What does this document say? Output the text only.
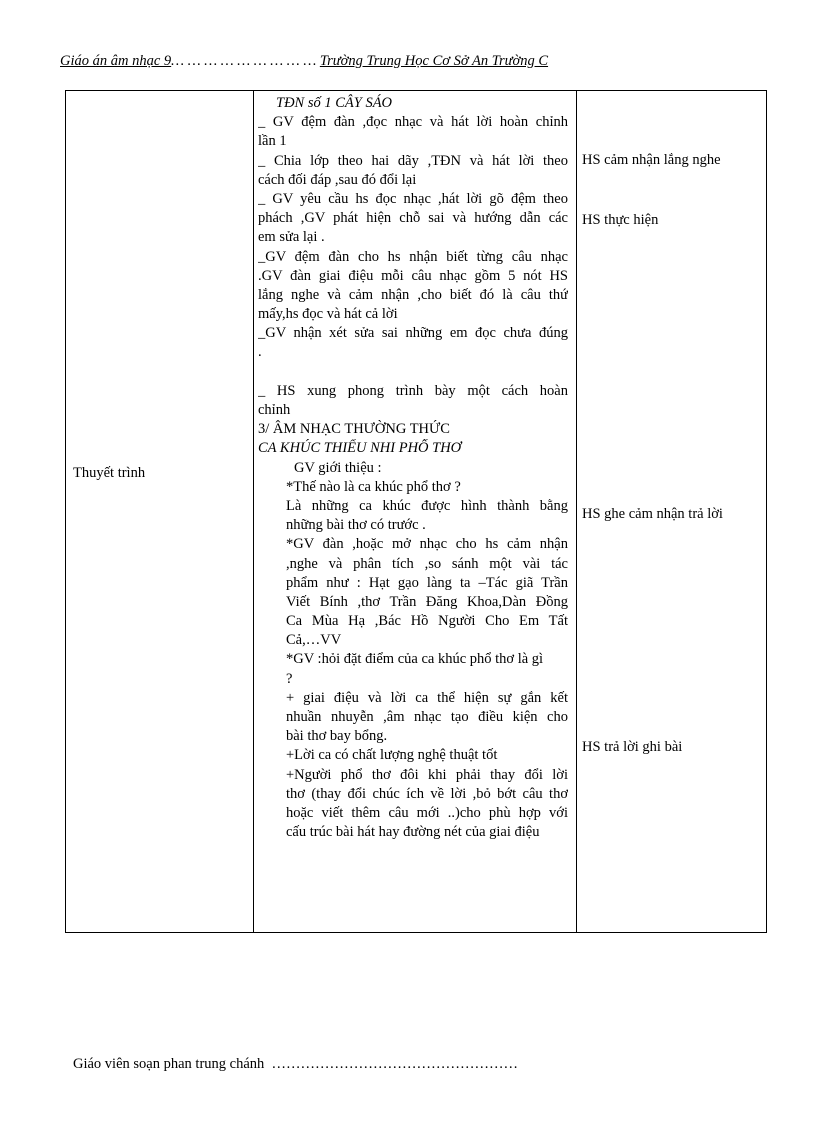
Giáo án âm nhạc 9… … … … … … … … … Trường Trung Học Cơ Sở An Trường C
Thuyết trình
TĐN số 1 CÂY SÁO
_ GV đệm đàn ,đọc nhạc và hát lời hoàn chỉnh
lần 1
_ Chia lớp theo hai dãy ,TĐN và hát lời theo
cách đối đáp ,sau đó đổi lại
_ GV yêu cầu hs đọc nhạc ,hát lời gõ đệm theo
phách ,GV phát hiện chỗ sai và hướng dẫn các
em sửa lại .
_GV đệm đàn cho hs nhận biết từng câu nhạc
.GV đàn giai điệu mỗi câu nhạc gồm 5 nót HS
lắng nghe và cảm nhận ,cho biết đó là câu thứ
mấy,hs đọc và hát cả lời
_GV nhận xét sửa sai những em đọc chưa đúng
.
_ HS xung phong trình bày một cách hoàn
chỉnh
3/ ÂM NHẠC THƯỜNG THỨC
CA KHÚC THIẾU NHI PHỔ THƠ
GV giới thiệu :
*Thế nào là ca khúc phổ thơ ?
Là những ca khúc được hình thành bằng
những bài thơ có trước .
*GV đàn ,hoặc mở nhạc cho hs cảm nhận
,nghe và phân tích ,so sánh một vài tác
phẩm như : Hạt gạo làng ta –Tác giã Trần
Viết Bính ,thơ Trần Đăng Khoa,Dàn Đồng
Ca Mùa Hạ ,Bác Hồ Người Cho Em Tất
Cả,…VV
*GV :hỏi đặt điểm của ca khúc phổ thơ là gì
?
+ giai điệu và lời ca thể hiện sự gắn kết
nhuần nhuyễn ,âm nhạc tạo điều kiện cho
bài thơ bay bổng.
+Lời ca có chất lượng nghệ thuật tốt
+Người phổ thơ đôi khi phải thay đổi lời
thơ (thay đổi chúc ích về lời ,bỏ bớt câu thơ
hoặc viết thêm câu mới ..)cho phù hợp với
cấu trúc bài hát hay đường nét của giai điệu
HS cảm nhận lắng nghe
HS thực hiện
HS ghe cảm nhận trả lời
HS trả lời ghi bài
Giáo viên soạn phan trung chánh ……………………………………………
